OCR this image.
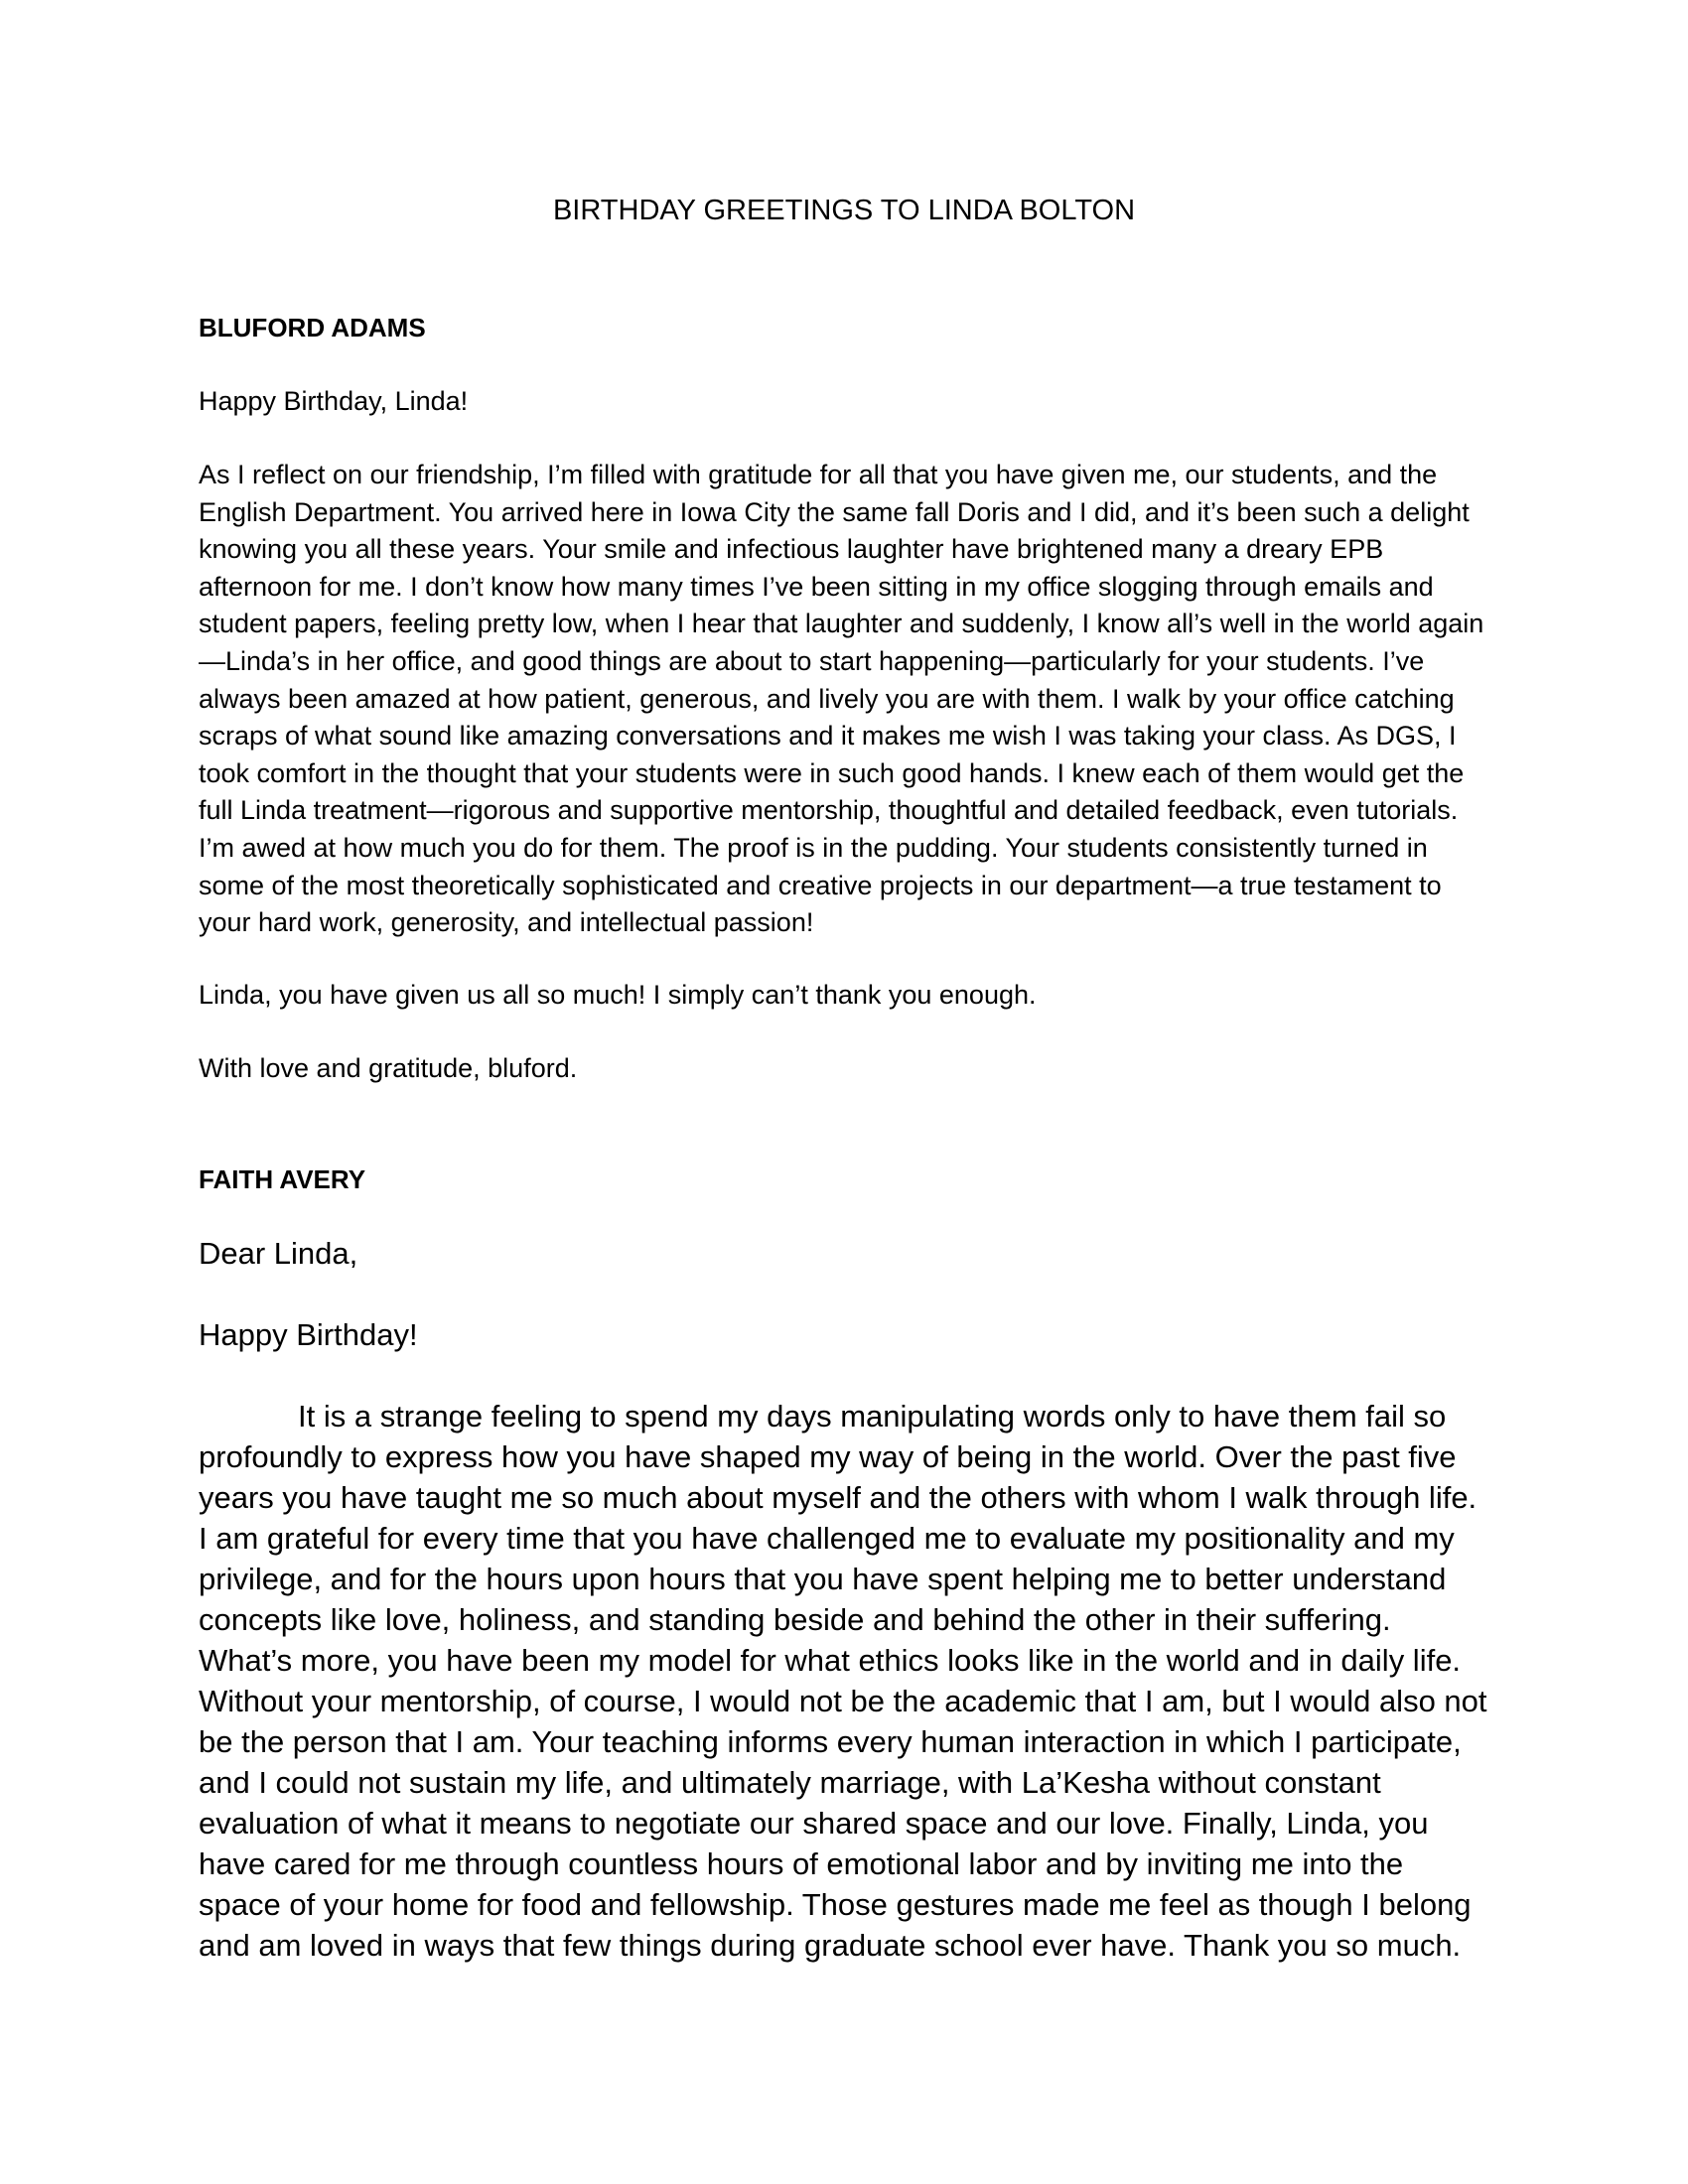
BIRTHDAY GREETINGS TO LINDA BOLTON
BLUFORD ADAMS

Happy Birthday, Linda!

As I reflect on our friendship, I’m filled with gratitude for all that you have given me, our students, and the English Department. You arrived here in Iowa City the same fall Doris and I did, and it’s been such a delight knowing you all these years. Your smile and infectious laughter have brightened many a dreary EPB afternoon for me. I don’t know how many times I’ve been sitting in my office slogging through emails and student papers, feeling pretty low, when I hear that laughter and suddenly, I know all’s well in the world again—Linda’s in her office, and good things are about to start happening—particularly for your students. I’ve always been amazed at how patient, generous, and lively you are with them. I walk by your office catching scraps of what sound like amazing conversations and it makes me wish I was taking your class. As DGS, I took comfort in the thought that your students were in such good hands. I knew each of them would get the full Linda treatment—rigorous and supportive mentorship, thoughtful and detailed feedback, even tutorials. I’m awed at how much you do for them. The proof is in the pudding. Your students consistently turned in some of the most theoretically sophisticated and creative projects in our department—a true testament to your hard work, generosity, and intellectual passion!

Linda, you have given us all so much! I simply can’t thank you enough.

With love and gratitude, bluford.

FAITH AVERY

Dear Linda,

Happy Birthday!

It is a strange feeling to spend my days manipulating words only to have them fail so profoundly to express how you have shaped my way of being in the world. Over the past five years you have taught me so much about myself and the others with whom I walk through life. I am grateful for every time that you have challenged me to evaluate my positionality and my privilege, and for the hours upon hours that you have spent helping me to better understand concepts like love, holiness, and standing beside and behind the other in their suffering. What’s more, you have been my model for what ethics looks like in the world and in daily life. Without your mentorship, of course, I would not be the academic that I am, but I would also not be the person that I am. Your teaching informs every human interaction in which I participate, and I could not sustain my life, and ultimately marriage, with La’Kesha without constant evaluation of what it means to negotiate our shared space and our love. Finally, Linda, you have cared for me through countless hours of emotional labor and by inviting me into the space of your home for food and fellowship. Those gestures made me feel as though I belong and am loved in ways that few things during graduate school ever have. Thank you so much.
